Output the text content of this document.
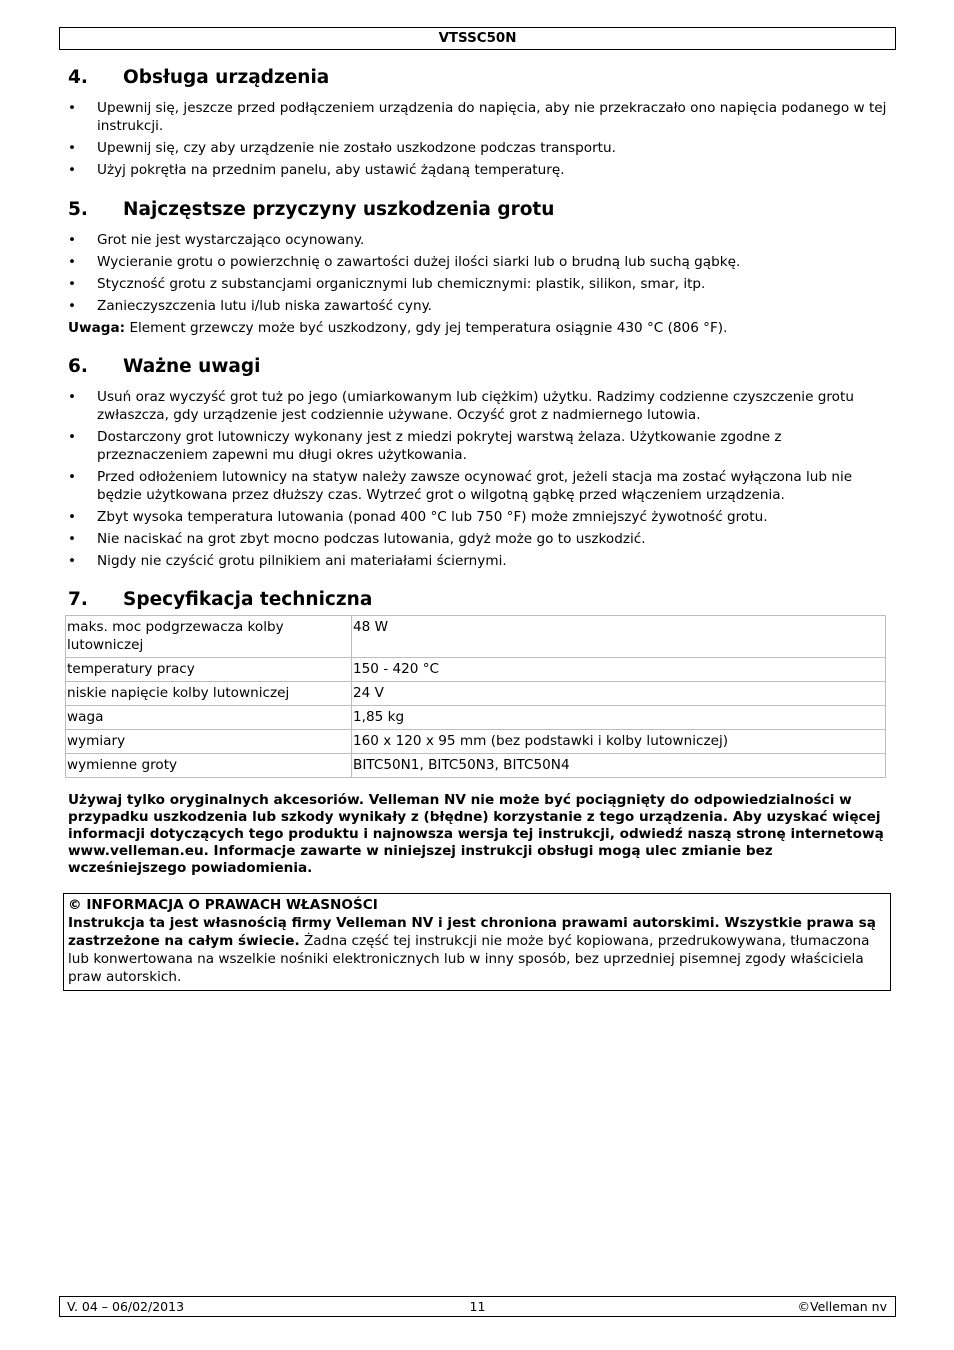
VTSSC50N
4.	Obsługa urządzenia
• Upewnij się, jeszcze przed podłączeniem urządzenia do napięcia, aby nie przekraczało ono napięcia podanego w tej instrukcji.
• Upewnij się, czy aby urządzenie nie zostało uszkodzone podczas transportu.
• Użyj pokrętła na przednim panelu, aby ustawić żądaną temperaturę.
5.	Najczęstsze przyczyny uszkodzenia grotu
• Grot nie jest wystarczająco ocynowany.
• Wycieranie grotu o powierzchnię o zawartości dużej ilości siarki lub o brudną lub suchą gąbkę.
• Styczność grotu z substancjami organicznymi lub chemicznymi: plastik, silikon, smar, itp.
• Zanieczyszczenia lutu i/lub niska zawartość cyny.

Uwaga: Element grzewczy może być uszkodzony, gdy jej temperatura osiągnie 430 °C (806 °F).

6.	Ważne uwagi
• Usuń oraz wyczyść grot tuż po jego (umiarkowanym lub ciężkim) użytku. Radzimy codzienne czyszczenie grotu zwłaszcza, gdy urządzenie jest codziennie używane. Oczyść grot z nadmiernego lutowia.
• Dostarczony grot lutowniczy wykonany jest z miedzi pokrytej warstwą żelaza. Użytkowanie zgodne z przeznaczeniem zapewni mu długi okres użytkowania.
• Przed odłożeniem lutownicy na statyw należy zawsze ocynować grot, jeżeli stacja ma zostać wyłączona lub nie będzie użytkowana przez dłuższy czas. Wytrzeć grot o wilgotną gąbkę przed włączeniem urządzenia.
• Zbyt wysoka temperatura lutowania (ponad 400 °C lub 750 °F) może zmniejszyć żywotność grotu.
• Nie naciskać na grot zbyt mocno podczas lutowania, gdyż może go to uszkodzić.
• Nigdy nie czyścić grotu pilnikiem ani materiałami ściernymi.
7.	Specyfikacja techniczna
maks. moc podgrzewacza kolby lutowniczej	48 W
temperatury pracy	150 - 420 °C
niskie napięcie kolby lutowniczej	24 V
waga	1,85 kg
wymiary	160 x 120 x 95 mm (bez podstawki i kolby lutowniczej)
wymienne groty	BITC50N1, BITC50N3, BITC50N4

Używaj tylko oryginalnych akcesoriów. Velleman NV nie może być pociągnięty do odpowiedzialności w przypadku uszkodzenia lub szkody wynikały z (błędne) korzystanie z tego urządzenia. Aby uzyskać więcej informacji dotyczących tego produktu i najnowsza wersja tej instrukcji, odwiedź naszą stronę internetową www.velleman.eu. Informacje zawarte w niniejszej instrukcji obsługi mogą ulec zmianie bez wcześniejszego powiadomienia.

© INFORMACJA O PRAWACH WŁASNOŚCI

Instrukcja ta jest własnością firmy Velleman NV i jest chroniona prawami autorskimi. Wszystkie prawa są zastrzeżone na całym świecie. Żadna część tej instrukcji nie może być kopiowana, przedrukowywana, tłumaczona lub konwertowana na wszelkie nośniki elektronicznych lub w inny sposób, bez uprzedniej pisemnej zgody właściciela praw autorskich.

V. 04 – 06/02/2013	11	©Velleman nv
